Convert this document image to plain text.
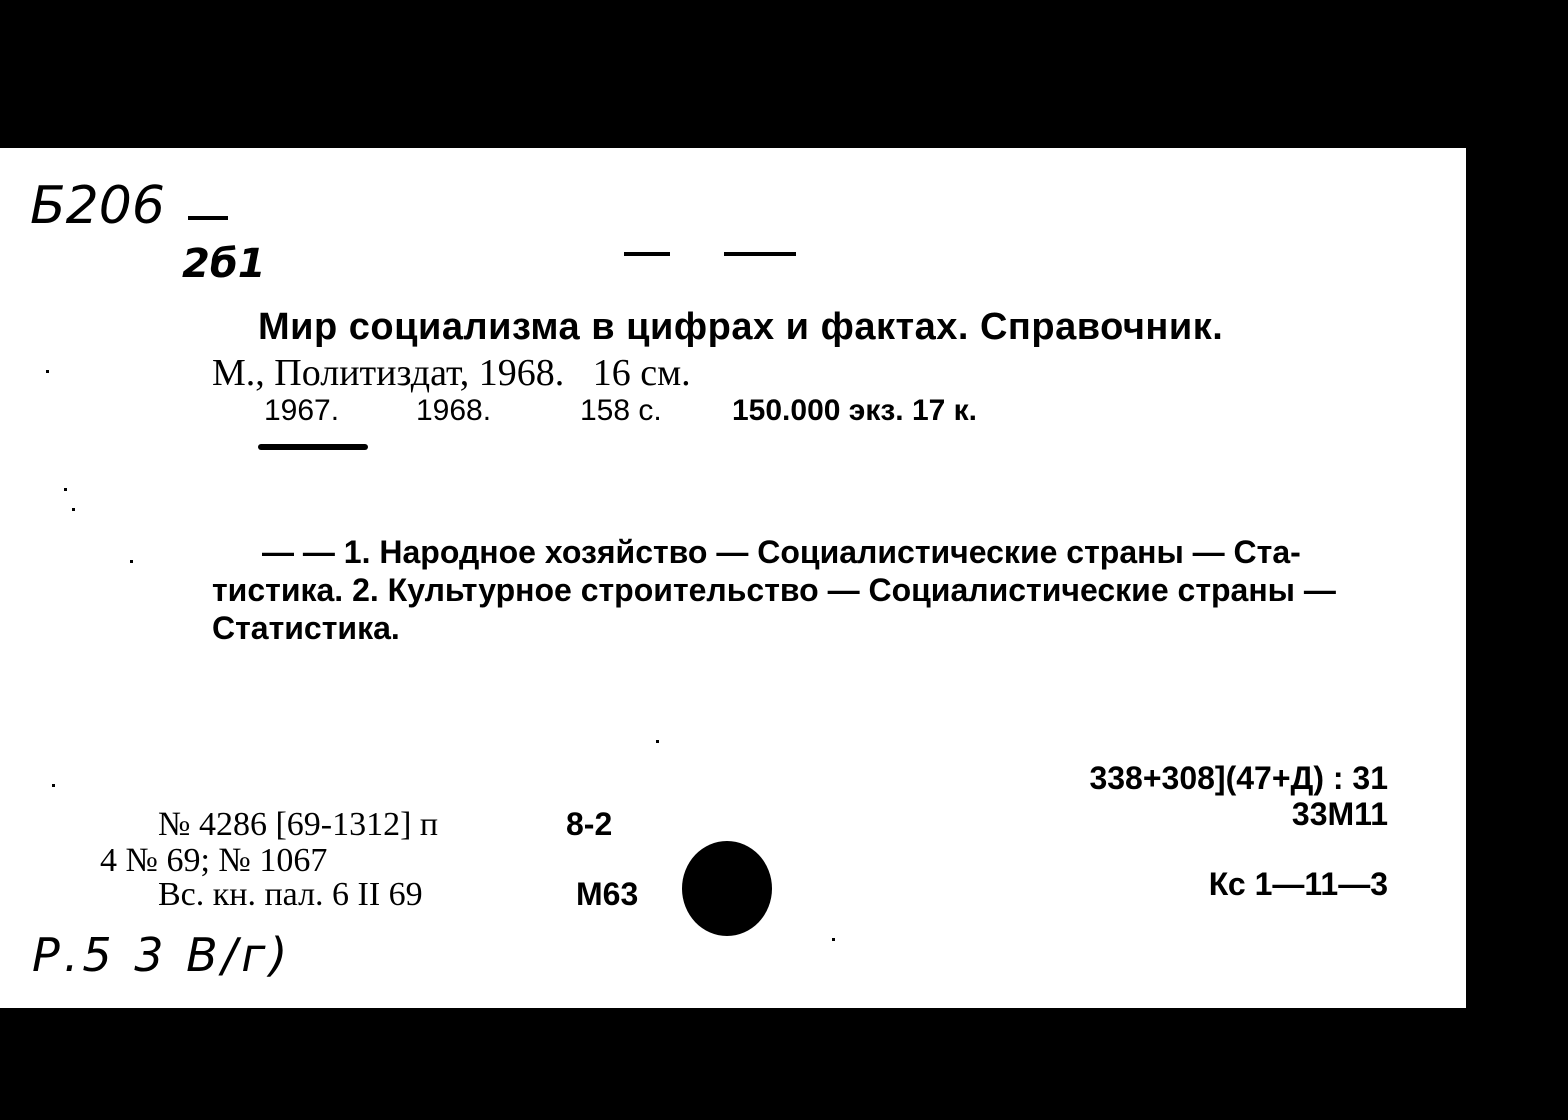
Б206
2б1
Мир социализма в цифрах и фактах. Справочник.
М., Политиздат, 1968.   16 см.
1967.	1968.	158 с. 150.000 экз. 17 к.
— — 1. Народное хозяйство — Социалистические страны — Ста-
тистика. 2. Культурное строительство — Социалистические страны —
Статистика.
338+308](47+Д) : 31
33М11
Кс 1—11—3
№ 4286 [69-1312] п	8-2
4 № 69; № 1067
Вс. кн. пал. 6 II 69	М63
Р.5 3 В/г)
